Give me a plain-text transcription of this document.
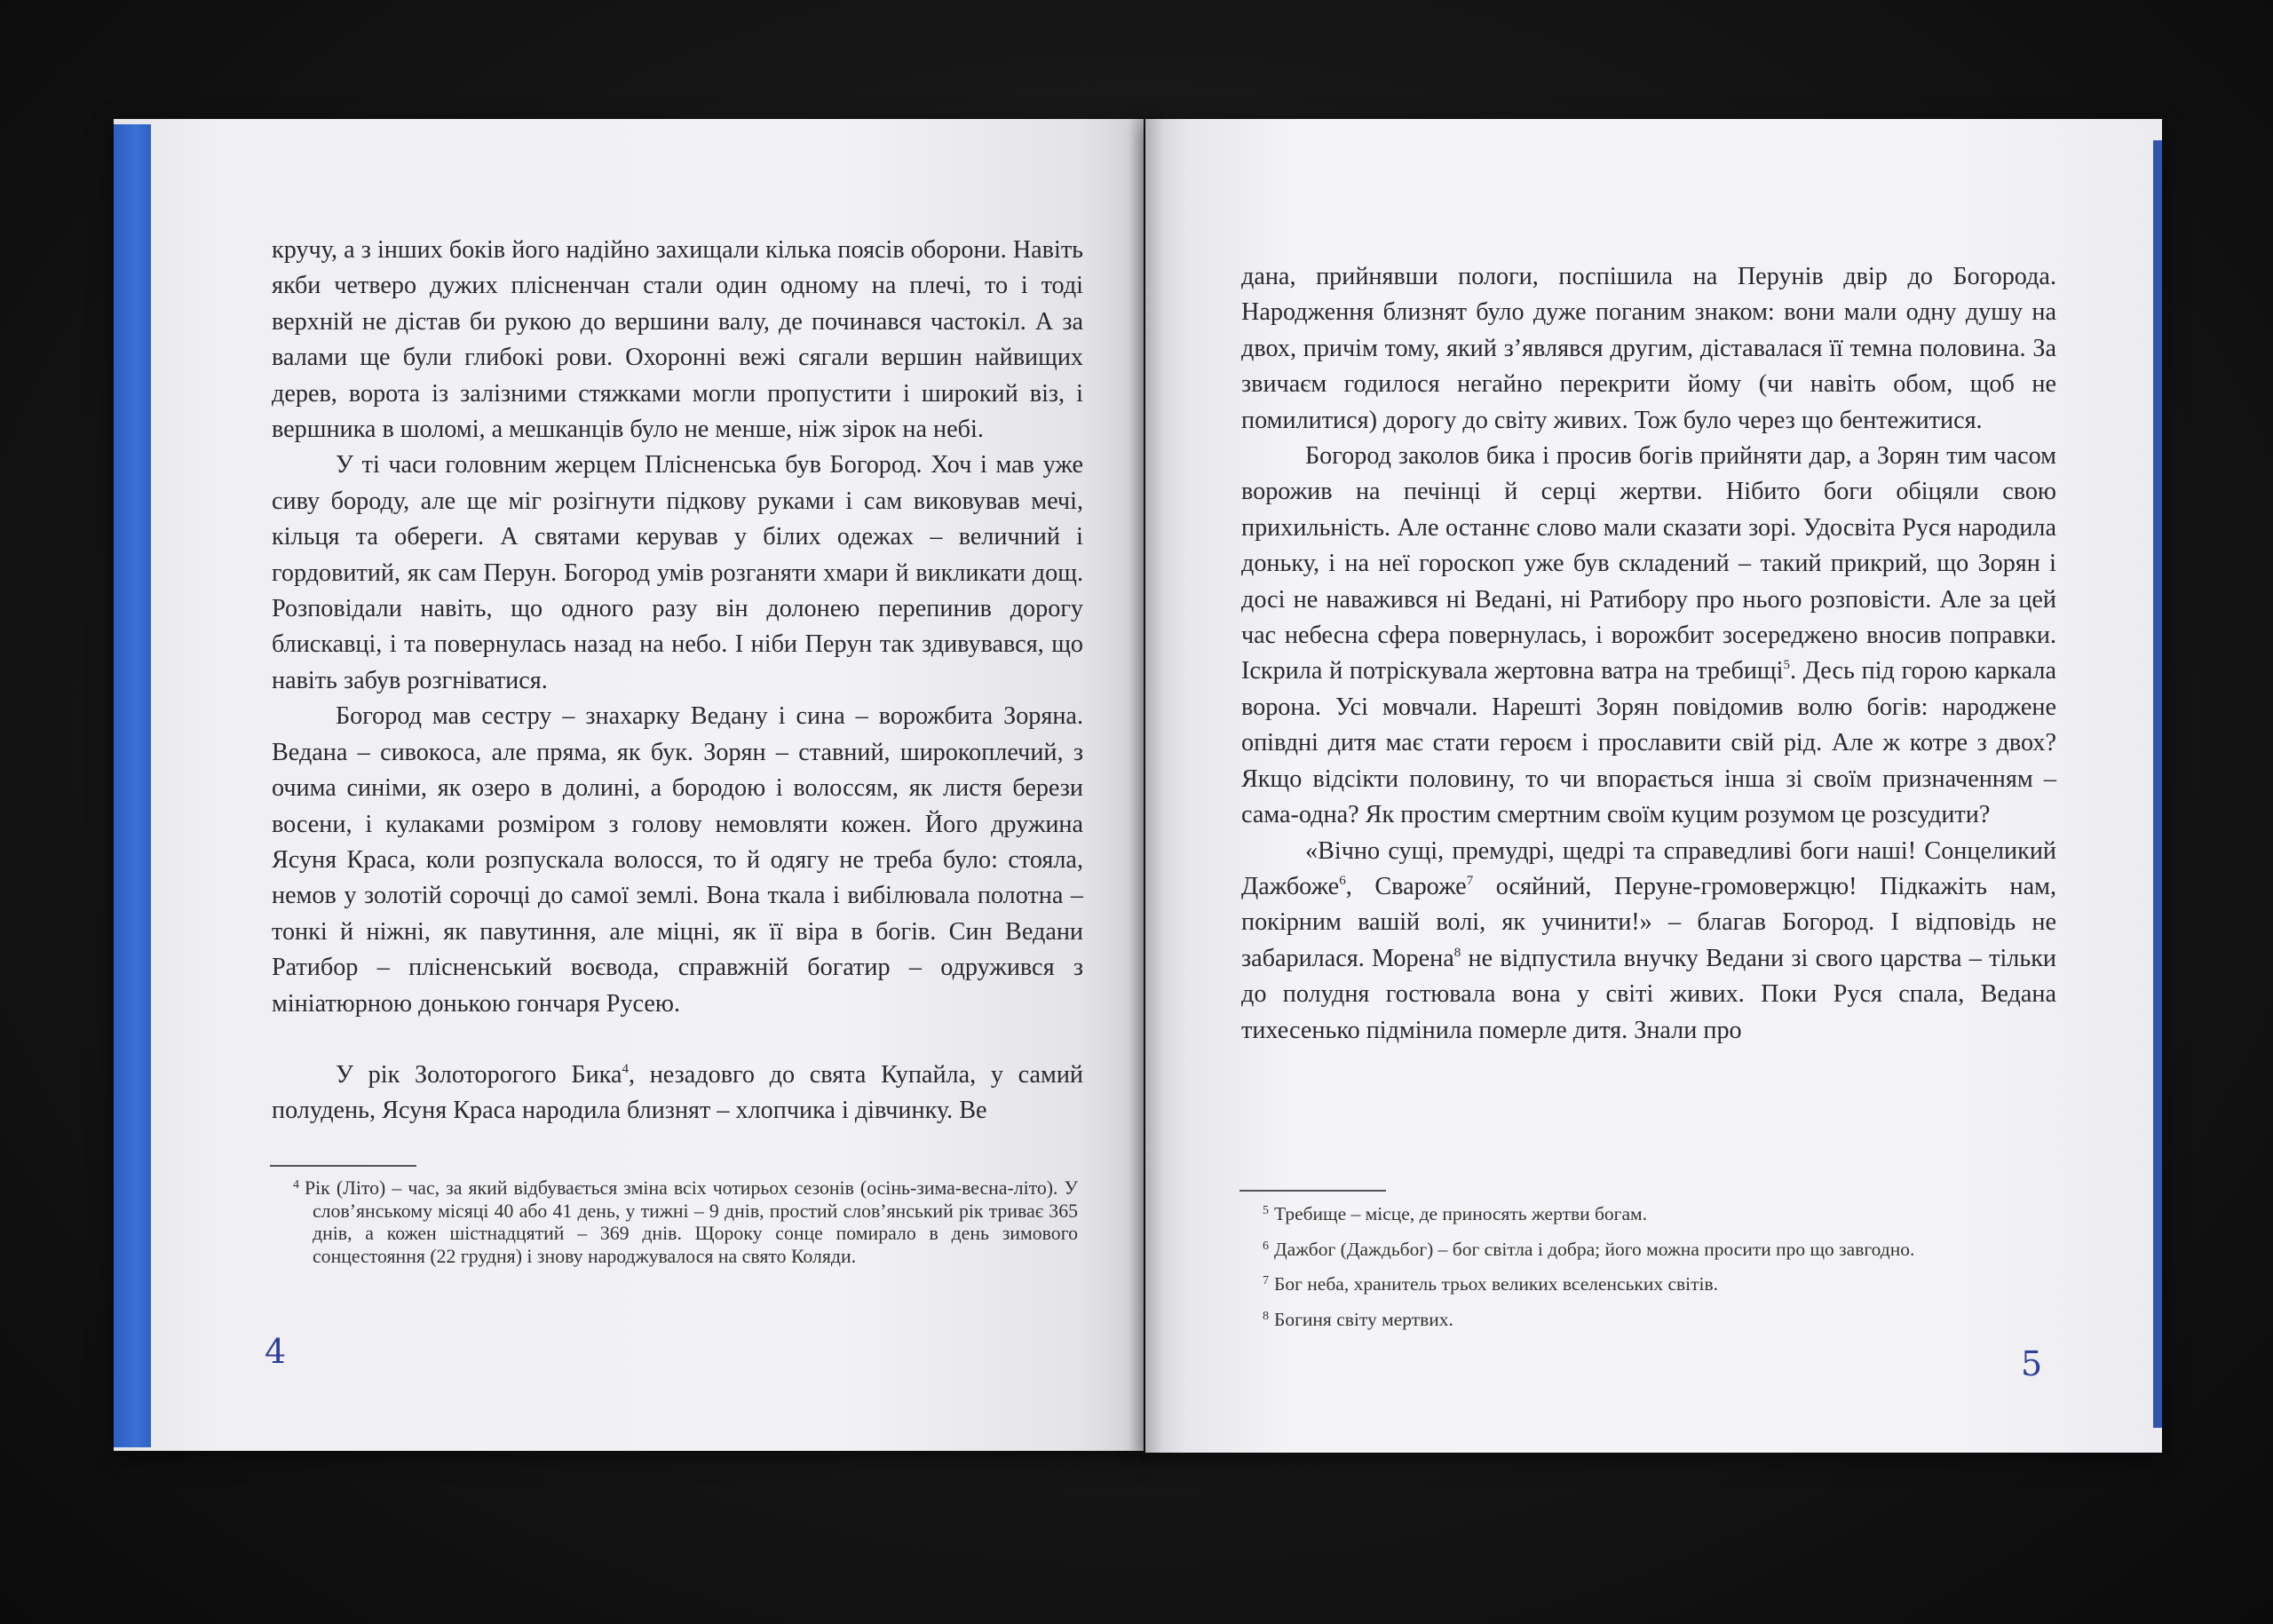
кручу, а з інших боків його надійно захищали кілька поясів оборони. Навіть якби четверо дужих плісненчан стали один одному на плечі, то і тоді верхній не дістав би рукою до вершини валу, де починався частокіл. А за валами ще були глибокі рови. Охоронні вежі сягали вершин найвищих дерев, ворота із залізними стяжками могли пропустити і широкий віз, і вершника в шоломі, а мешканців було не менше, ніж зірок на небі.

У ті часи головним жерцем Плісненська був Богород. Хоч і мав уже сиву бороду, але ще міг розігнути підкову руками і сам виковував мечі, кільця та обереги. А святами керував у білих одежах – величний і гордовитий, як сам Перун. Богород умів розганяти хмари й викликати дощ. Розповідали навіть, що одного разу він долонею перепинив дорогу блискавці, і та повернулась назад на небо. І ніби Перун так здивувався, що навіть забув розгніватися.

Богород мав сестру – знахарку Ведану і сина – ворожбита Зоряна. Ведана – сивокоса, але пряма, як бук. Зорян – ставний, широкоплечий, з очима синіми, як озеро в долині, а бородою і волоссям, як листя берези восени, і кулаками розміром з голову немовляти кожен. Його дружина Ясуня Краса, коли розпускала волосся, то й одягу не треба було: стояла, немов у золотій сорочці до самої землі. Вона ткала і вибілювала полотна – тонкі й ніжні, як павутиння, але міцні, як її віра в богів. Син Ведани Ратибор – плісненський воєвода, справжній богатир – одружився з мініатюрною донькою гончаря Русею.

У рік Золоторогого Бика$^4$, незадовго до свята Купайла, у самий полудень, Ясуня Краса народила близнят – хлопчика і дівчинку. Ве

$^4$ Рік (Літо) – час, за який відбувається зміна всіх чотирьох сезонів (осінь-зима-весна-літо). У слов’янському місяці 40 або 41 день, у тижні – 9 днів, простий слов’янський рік триває 365 днів, а кожен шістнадцятий – 369 днів. Щороку сонце помирало в день зимового сонцестояння (22 грудня) і знову народжувалося на свято Коляди.

4

дана, прийнявши пологи, поспішила на Перунів двір до Богорода. Народження близнят було дуже поганим знаком: вони мали одну душу на двох, причім тому, який з’являвся другим, діставалася її темна половина. За звичаєм годилося негайно перекрити йому (чи навіть обом, щоб не помилитися) дорогу до світу живих. Тож було через що бентежитися.

Богород заколов бика і просив богів прийняти дар, а Зорян тим часом ворожив на печінці й серці жертви. Нібито боги обіцяли свою прихильність. Але останнє слово мали сказати зорі. Удосвіта Руся народила доньку, і на неї гороскоп уже був складений – такий прикрий, що Зорян і досі не наважився ні Ведані, ні Ратибору про нього розповісти. Але за цей час небесна сфера повернулась, і ворожбит зосереджено вносив поправки. Іскрила й потріскувала жертовна ватра на требищі$^5$. Десь під горою каркала ворона. Усі мовчали. Нарешті Зорян повідомив волю богів: народжене опівдні дитя має стати героєм і прославити свій рід. Але ж котре з двох? Якщо відсікти половину, то чи впорається інша зі своїм призначенням – сама-одна? Як простим смертним своїм куцим розумом це розсудити?

«Вічно сущі, премудрі, щедрі та справедливі боги наші! Сонцеликий Дажбоже$^6$, Свароже$^7$ осяйний, Перуне-громовержцю! Підкажіть нам, покірним вашій волі, як учинити!» – благав Богород. І відповідь не забарилася. Морена$^8$ не відпустила внучку Ведани зі свого царства – тільки до полудня гостювала вона у світі живих. Поки Руся спала, Ведана тихесенько підмінила померле дитя. Знали про

$^5$ Требище – місце, де приносять жертви богам.

$^6$ Дажбог (Даждьбог) – бог світла і добра; його можна просити про що завгодно.

$^7$ Бог неба, хранитель трьох великих вселенських світів.

$^8$ Богиня світу мертвих.

5
